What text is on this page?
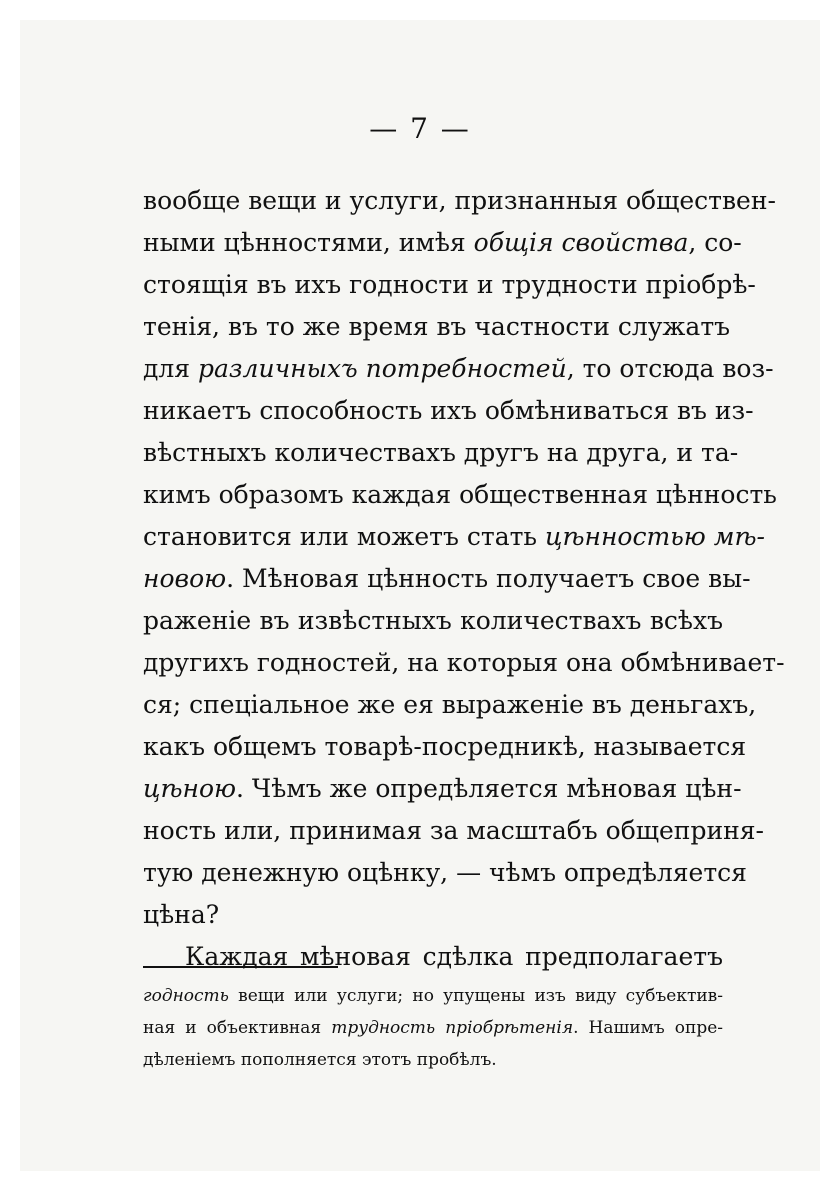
— 7 —
вообще вещи и услуги, признанныя обществен-
ными цѣнностями, имѣя общія свойства, со-
стоящія въ ихъ годности и трудности пріобрѣ-
тенія, въ то же время въ частности служатъ
для различныхъ потребностей, то отсюда воз-
никаетъ способность ихъ обмѣниваться въ из-
вѣстныхъ количествахъ другъ на друга, и та-
кимъ образомъ каждая общественная цѣнность
становится или можетъ стать цѣнностью мѣ-
новою. Мѣновая цѣнность получаетъ свое вы-
раженіе въ извѣстныхъ количествахъ всѣхъ
другихъ годностей, на которыя она обмѣнивает-
ся; спеціальное же ея выраженіе въ деньгахъ,
какъ общемъ товарѣ-посредникѣ, называется
цѣною. Чѣмъ же опредѣляется мѣновая цѣн-
ность или, принимая за масштабъ общеприня-
тую денежную оцѣнку, — чѣмъ опредѣляется
цѣна?
Каждая мѣновая сдѣлка предполагаетъ
годность вещи или услуги; но упущены изъ виду субъектив-
ная и объективная трудность пріобрѣтенія. Нашимъ опре-
дѣленіемъ пополняется этотъ пробѣлъ.
